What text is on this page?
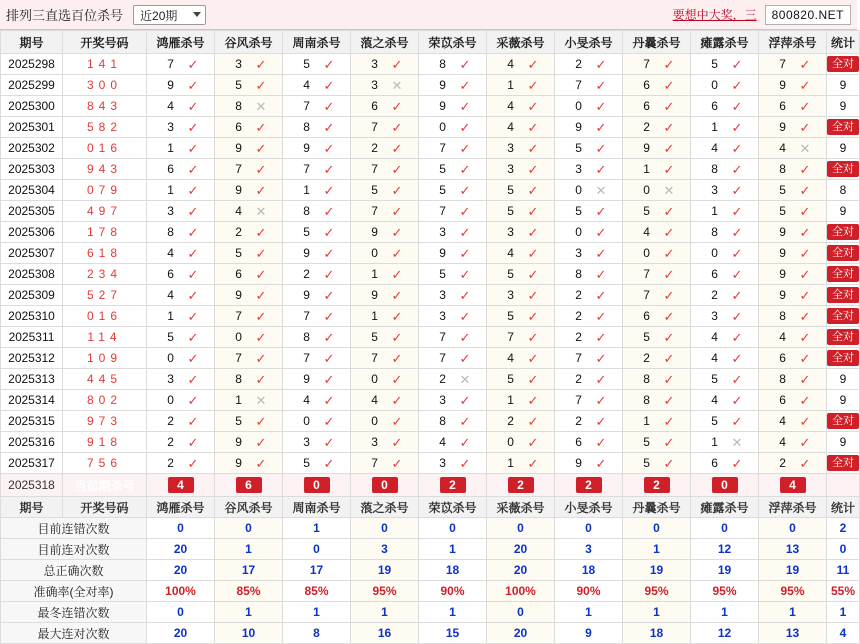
排列三直选百位杀号
近20期	要想中大奖，三	800820.NET
期号	开奖号码	鸿雁杀号	谷风杀号	周南杀号	蒗之杀号	荣苡杀号	采薇杀号	小旻杀号	丹曩杀号	瘫露杀号	浮萍杀号	统计
2025298	141	7 ✓	3 ✓	5 ✓	3 ✓	8 ✓	4 ✓	2 ✓	7 ✓	5 ✓	7 ✓	全对
2025299	300	9 ✓	5 ✓	4 ✓	3 ✕	9 ✓	1 ✓	7 ✓	6 ✓	0 ✓	9 ✓	9
2025300	843	4 ✓	8 ✕	7 ✓	6 ✓	9 ✓	4 ✓	0 ✓	6 ✓	6 ✓	6 ✓	9
2025301	582	3 ✓	6 ✓	8 ✓	7 ✓	0 ✓	4 ✓	9 ✓	2 ✓	1 ✓	9 ✓	全对
2025302	016	1 ✓	9 ✓	9 ✓	2 ✓	7 ✓	3 ✓	5 ✓	9 ✓	4 ✓	4 ✕	9
2025303	943	6 ✓	7 ✓	7 ✓	7 ✓	5 ✓	3 ✓	3 ✓	1 ✓	8 ✓	8 ✓	全对
2025304	079	1 ✓	9 ✓	1 ✓	5 ✓	5 ✓	5 ✓	0 ✕	0 ✕	3 ✓	5 ✓	8
2025305	497	3 ✓	4 ✕	8 ✓	7 ✓	7 ✓	5 ✓	5 ✓	5 ✓	1 ✓	5 ✓	9
2025306	178	8 ✓	2 ✓	5 ✓	9 ✓	3 ✓	3 ✓	0 ✓	4 ✓	8 ✓	9 ✓	全对
2025307	618	4 ✓	5 ✓	9 ✓	0 ✓	9 ✓	4 ✓	3 ✓	0 ✓	0 ✓	9 ✓	全对
2025308	234	6 ✓	6 ✓	2 ✓	1 ✓	5 ✓	5 ✓	8 ✓	7 ✓	6 ✓	9 ✓	全对
2025309	527	4 ✓	9 ✓	9 ✓	9 ✓	3 ✓	3 ✓	2 ✓	7 ✓	2 ✓	9 ✓	全对
2025310	016	1 ✓	7 ✓	7 ✓	1 ✓	3 ✓	5 ✓	2 ✓	6 ✓	3 ✓	8 ✓	全对
2025311	114	5 ✓	0 ✓	8 ✓	5 ✓	7 ✓	7 ✓	2 ✓	5 ✓	4 ✓	4 ✓	全对
2025312	109	0 ✓	7 ✓	7 ✓	7 ✓	7 ✓	4 ✓	7 ✓	2 ✓	4 ✓	6 ✓	全对
2025313	445	3 ✓	8 ✓	9 ✓	0 ✓	2 ✕	5 ✓	2 ✓	8 ✓	5 ✓	8 ✓	9
2025314	802	0 ✓	1 ✕	4 ✓	4 ✓	3 ✓	1 ✓	7 ✓	8 ✓	4 ✓	6 ✓	9
2025315	973	2 ✓	5 ✓	0 ✓	0 ✓	8 ✓	2 ✓	2 ✓	1 ✓	5 ✓	4 ✓	全对
2025316	918	2 ✓	9 ✓	3 ✓	3 ✓	4 ✓	0 ✓	6 ✓	5 ✓	1 ✕	4 ✓	9
2025317	756	2 ✓	9 ✓	5 ✓	7 ✓	3 ✓	1 ✓	9 ✓	5 ✓	6 ✓	2 ✓	全对
2025318	当前期杀号	4	6	0	0	2	2	2	2	0	4	
期号	开奖号码	鸿雁杀号	谷风杀号	周南杀号	蒗之杀号	荣苡杀号	采薇杀号	小旻杀号	丹曩杀号	瘫露杀号	浮萍杀号	统计
目前连错次数		0	0	1	0	0	0	0	0	0	0	2
目前连对次数		20	1	0	3	1	20	3	1	12	13	0
总正确次数		20	17	17	19	18	20	18	19	19	19	11
准确率(全对率)		100%	85%	85%	95%	90%	100%	90%	95%	95%	95%	55%
最冬连错次数		0	1	1	1	1	0	1	1	1	1	1
最大连对次数		20	10	8	16	15	20	9	18	12	13	4
